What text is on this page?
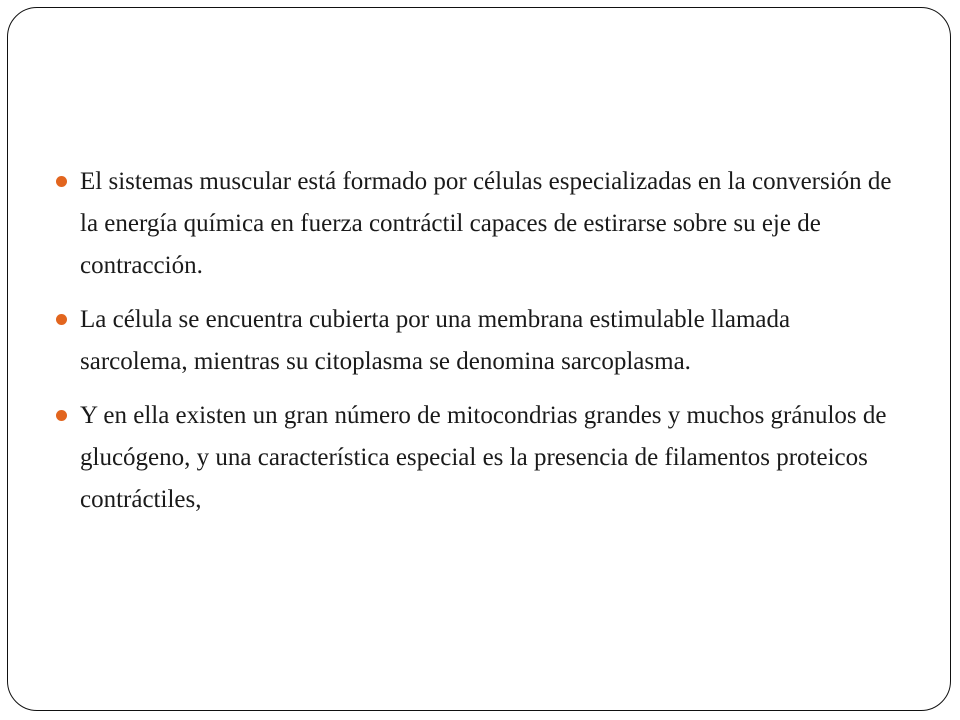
El sistemas muscular está formado por células especializadas en la conversión de la energía química en fuerza contráctil capaces de estirarse sobre su eje de contracción.
La célula se encuentra cubierta por una membrana estimulable llamada sarcolema, mientras su citoplasma se denomina sarcoplasma.
Y en ella existen un gran número de mitocondrias grandes y muchos gránulos de glucógeno, y una característica especial es la presencia de filamentos proteicos contráctiles,
